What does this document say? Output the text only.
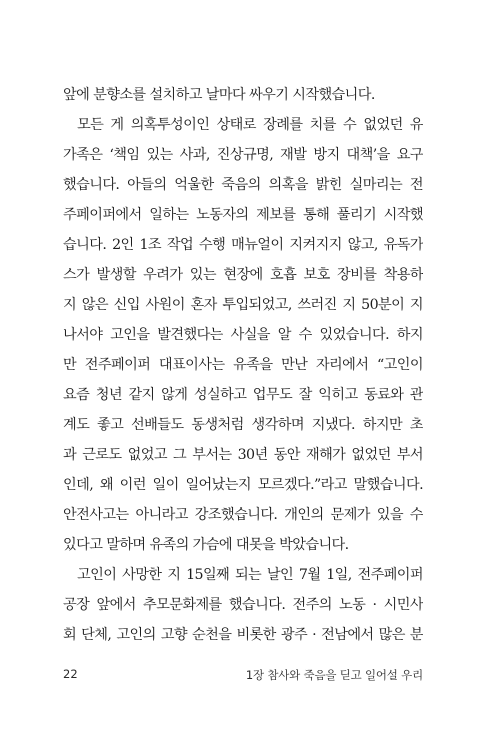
앞에 분향소를 설치하고 날마다 싸우기 시작했습니다.
모든 게 의혹투성이인 상태로 장례를 치를 수 없었던 유
가족은 ‘책임 있는 사과, 진상규명, 재발 방지 대책’을 요구
했습니다. 아들의 억울한 죽음의 의혹을 밝힌 실마리는 전
주페이퍼에서 일하는 노동자의 제보를 통해 풀리기 시작했
습니다. 2인 1조 작업 수행 매뉴얼이 지켜지지 않고, 유독가
스가 발생할 우려가 있는 현장에 호흡 보호 장비를 착용하
지 않은 신입 사원이 혼자 투입되었고, 쓰러진 지 50분이 지
나서야 고인을 발견했다는 사실을 알 수 있었습니다. 하지
만 전주페이퍼 대표이사는 유족을 만난 자리에서 “고인이
요즘 청년 같지 않게 성실하고 업무도 잘 익히고 동료와 관
계도 좋고 선배들도 동생처럼 생각하며 지냈다. 하지만 초
과 근로도 없었고 그 부서는 30년 동안 재해가 없었던 부서
인데, 왜 이런 일이 일어났는지 모르겠다.”라고 말했습니다.
안전사고는 아니라고 강조했습니다. 개인의 문제가 있을 수
있다고 말하며 유족의 가슴에 대못을 박았습니다.
고인이 사망한 지 15일째 되는 날인 7월 1일, 전주페이퍼
공장 앞에서 추모문화제를 했습니다. 전주의 노동 · 시민사
회 단체, 고인의 고향 순천을 비롯한 광주 · 전남에서 많은 분
22	1장 참사와 죽음을 딛고 일어설 우리
